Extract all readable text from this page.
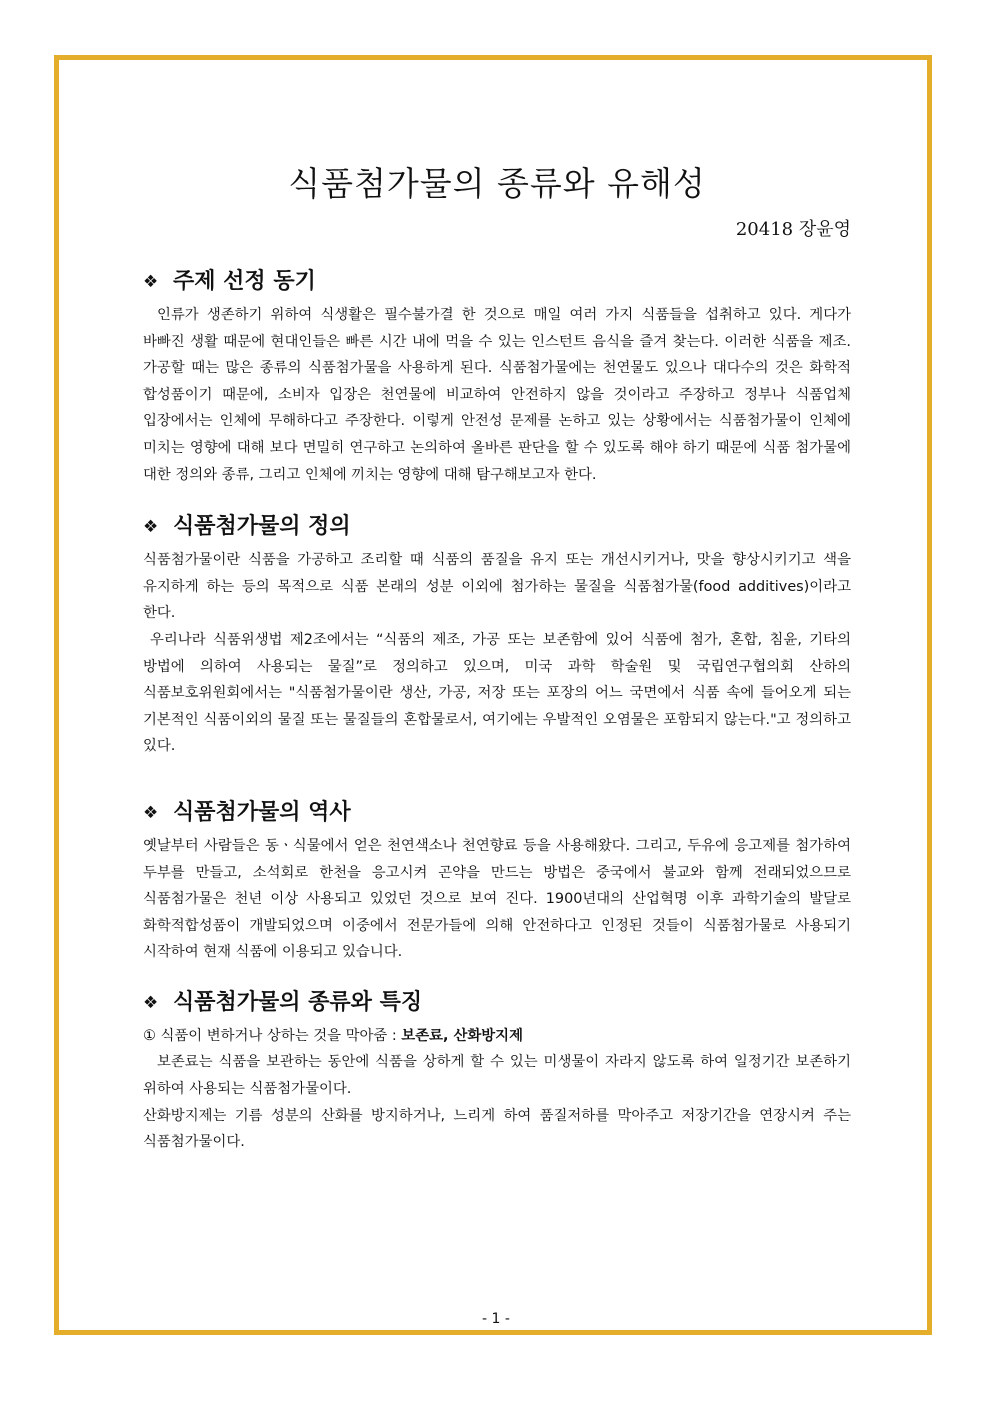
식품첨가물의 종류와 유해성
20418 장윤영
❖ 주제 선정 동기

인류가 생존하기 위하여 식생활은 필수불가결 한 것으로 매일 여러 가지 식품들을 섭취하고 있다. 게다가 바빠진 생활 때문에 현대인들은 빠른 시간 내에 먹을 수 있는 인스턴트 음식을 즐겨 찾는다. 이러한 식품을 제조.가공할 때는 많은 종류의 식품첨가물을 사용하게 된다. 식품첨가물에는 천연물도 있으나 대다수의 것은 화학적 합성품이기 때문에, 소비자 입장은 천연물에 비교하여 안전하지 않을 것이라고 주장하고 정부나 식품업체 입장에서는 인체에 무해하다고 주장한다. 이렇게 안전성 문제를 논하고 있는 상황에서는 식품첨가물이 인체에 미치는 영향에 대해 보다 면밀히 연구하고 논의하여 올바른 판단을 할 수 있도록 해야 하기 때문에 식품 첨가물에 대한 정의와 종류, 그리고 인체에 끼치는 영향에 대해 탐구해보고자 한다.

❖ 식품첨가물의 정의

식품첨가물이란 식품을 가공하고 조리할 때 식품의 품질을 유지 또는 개선시키거나, 맛을 향상시키기고 색을 유지하게 하는 등의 목적으로 식품 본래의 성분 이외에 첨가하는 물질을 식품첨가물(food additives)이라고 한다.

우리나라 식품위생법 제2조에서는 “식품의 제조, 가공 또는 보존함에 있어 식품에 첨가, 혼합, 침윤, 기타의 방법에 의하여 사용되는 물질”로 정의하고 있으며, 미국 과학 학술원 및 국립연구협의회 산하의 식품보호위원회에서는 "식품첨가물이란 생산, 가공, 저장 또는 포장의 어느 국면에서 식품 속에 들어오게 되는 기본적인 식품이외의 물질 또는 물질들의 혼합물로서, 여기에는 우발적인 오염물은 포함되지 않는다."고 정의하고 있다.

❖ 식품첨가물의 역사

옛날부터 사람들은 동ㆍ식물에서 얻은 천연색소나 천연향료 등을 사용해왔다. 그리고, 두유에 응고제를 첨가하여 두부를 만들고, 소석회로 한천을 응고시켜 곤약을 만드는 방법은 중국에서 불교와 함께 전래되었으므로 식품첨가물은 천년 이상 사용되고 있었던 것으로 보여 진다. 1900년대의 산업혁명 이후 과학기술의 발달로 화학적합성품이 개발되었으며 이중에서 전문가들에 의해 안전하다고 인정된 것들이 식품첨가물로 사용되기 시작하여 현재 식품에 이용되고 있습니다.

❖ 식품첨가물의 종류와 특징

① 식품이 변하거나 상하는 것을 막아줌 : 보존료, 산화방지제

보존료는 식품을 보관하는 동안에 식품을 상하게 할 수 있는 미생물이 자라지 않도록 하여 일정기간 보존하기 위하여 사용되는 식품첨가물이다.

산화방지제는 기름 성분의 산화를 방지하거나, 느리게 하여 품질저하를 막아주고 저장기간을 연장시켜 주는 식품첨가물이다.

- 1 -
